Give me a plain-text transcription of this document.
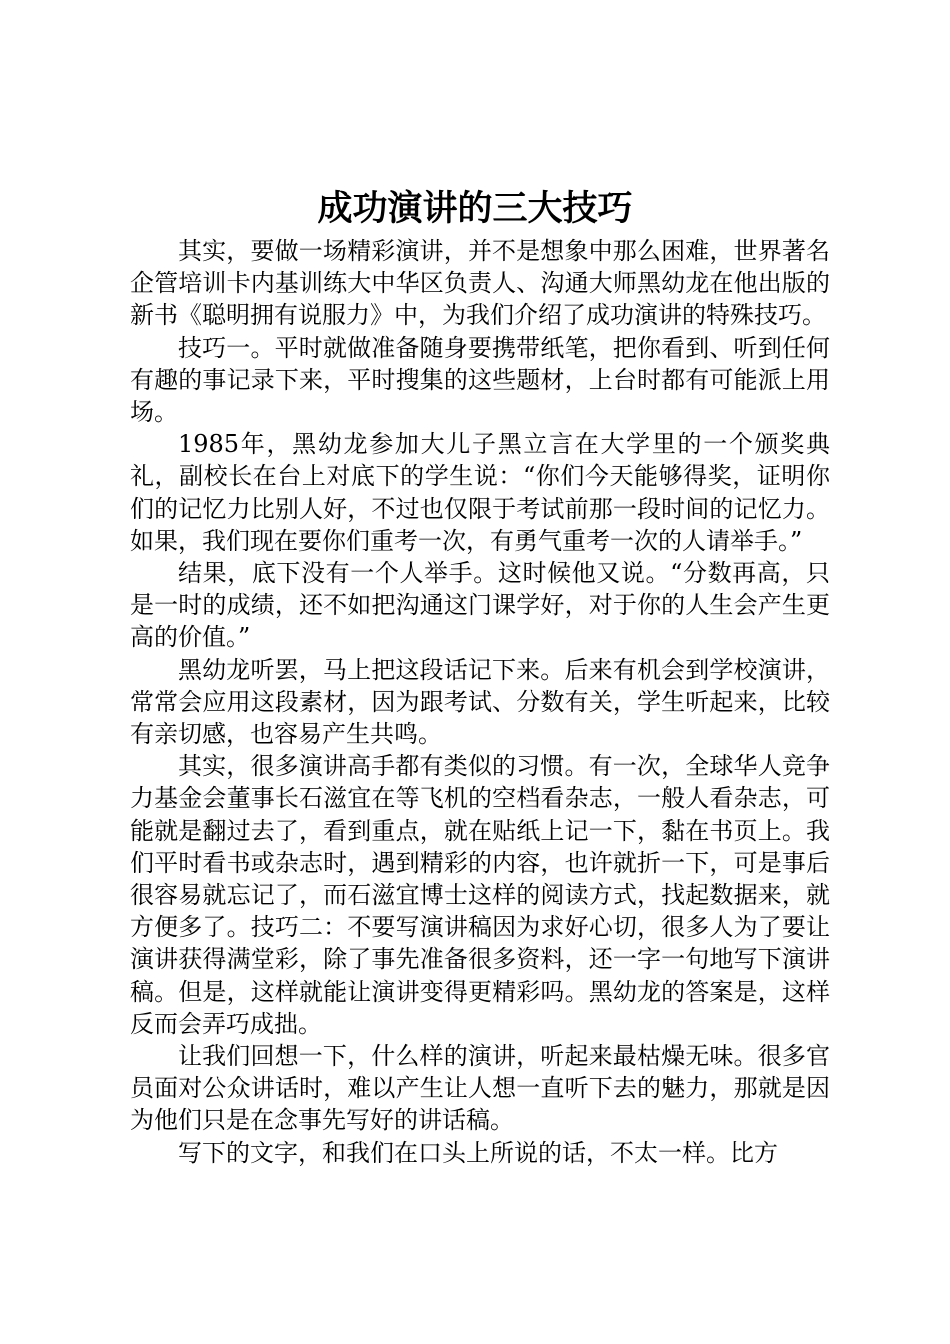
成功演讲的三大技巧

其实，要做一场精彩演讲，并不是想象中那么困难，世界著名企管培训卡内基训练大中华区负责人、沟通大师黑幼龙在他出版的新书《聪明拥有说服力》中，为我们介绍了成功演讲的特殊技巧。

技巧一。平时就做准备随身要携带纸笔，把你看到、听到任何有趣的事记录下来，平时搜集的这些题材，上台时都有可能派上用场。

1985年，黑幼龙参加大儿子黑立言在大学里的一个颁奖典礼，副校长在台上对底下的学生说：“你们今天能够得奖，证明你们的记忆力比别人好，不过也仅限于考试前那一段时间的记忆力。如果，我们现在要你们重考一次，有勇气重考一次的人请举手。”

结果，底下没有一个人举手。这时候他又说。“分数再高，只是一时的成绩，还不如把沟通这门课学好，对于你的人生会产生更高的价值。”

黑幼龙听罢，马上把这段话记下来。后来有机会到学校演讲，常常会应用这段素材，因为跟考试、分数有关，学生听起来，比较有亲切感，也容易产生共鸣。

其实，很多演讲高手都有类似的习惯。有一次，全球华人竞争力基金会董事长石滋宜在等飞机的空档看杂志，一般人看杂志，可能就是翻过去了，看到重点，就在贴纸上记一下，黏在书页上。我们平时看书或杂志时，遇到精彩的内容，也许就折一下，可是事后很容易就忘记了，而石滋宜博士这样的阅读方式，找起数据来，就方便多了。技巧二：不要写演讲稿因为求好心切，很多人为了要让演讲获得满堂彩，除了事先准备很多资料，还一字一句地写下演讲稿。但是，这样就能让演讲变得更精彩吗。黑幼龙的答案是，这样反而会弄巧成拙。

让我们回想一下，什么样的演讲，听起来最枯燥无味。很多官员面对公众讲话时，难以产生让人想一直听下去的魅力，那就是因为他们只是在念事先写好的讲话稿。

写下的文字，和我们在口头上所说的话，不太一样。比方
